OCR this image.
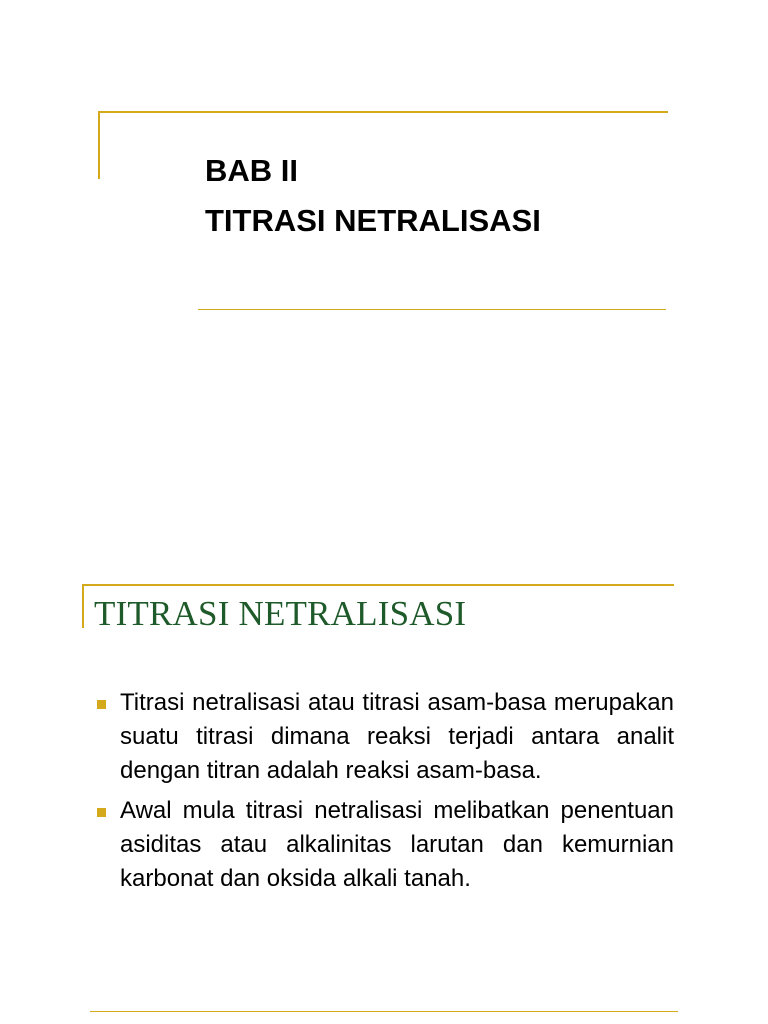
BAB II
TITRASI NETRALISASI
TITRASI NETRALISASI
Titrasi netralisasi atau titrasi asam-basa merupakan suatu titrasi dimana reaksi terjadi antara analit dengan titran adalah reaksi asam-basa.
Awal mula titrasi netralisasi melibatkan penentuan asiditas atau alkalinitas larutan dan kemurnian karbonat dan oksida alkali tanah.
